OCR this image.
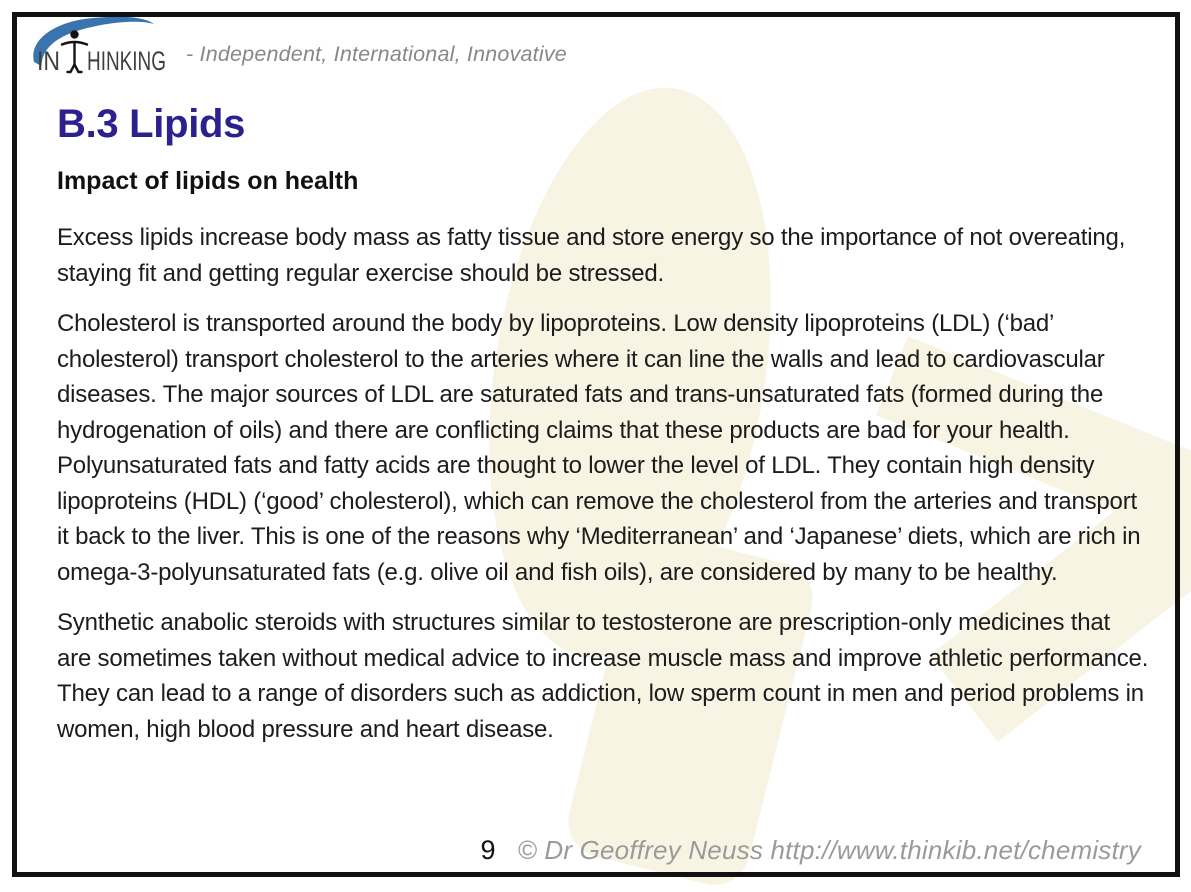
IN HINKING - Independent, International, Innovative
B.3 Lipids
Impact of lipids on health

Excess lipids increase body mass as fatty tissue and store energy so the importance of not overeating, staying fit and getting regular exercise should be stressed.

Cholesterol is transported around the body by lipoproteins. Low density lipoproteins (LDL) (‘bad’ cholesterol) transport cholesterol to the arteries where it can line the walls and lead to cardiovascular diseases. The major sources of LDL are saturated fats and trans-unsaturated fats (formed during the hydrogenation of oils) and there are conflicting claims that these products are bad for your health. Polyunsaturated fats and fatty acids are thought to lower the level of LDL. They contain high density lipoproteins (HDL) (‘good’ cholesterol), which can remove the cholesterol from the arteries and transport it back to the liver. This is one of the reasons why ‘Mediterranean’ and ‘Japanese’ diets, which are rich in omega-3-polyunsaturated fats (e.g. olive oil and fish oils), are considered by many to be healthy.

Synthetic anabolic steroids with structures similar to testosterone are prescription-only medicines that are sometimes taken without medical advice to increase muscle mass and improve athletic performance. They can lead to a range of disorders such as addiction, low sperm count in men and period problems in women, high blood pressure and heart disease.

9 © Dr Geoffrey Neuss http://www.thinkib.net/chemistry
